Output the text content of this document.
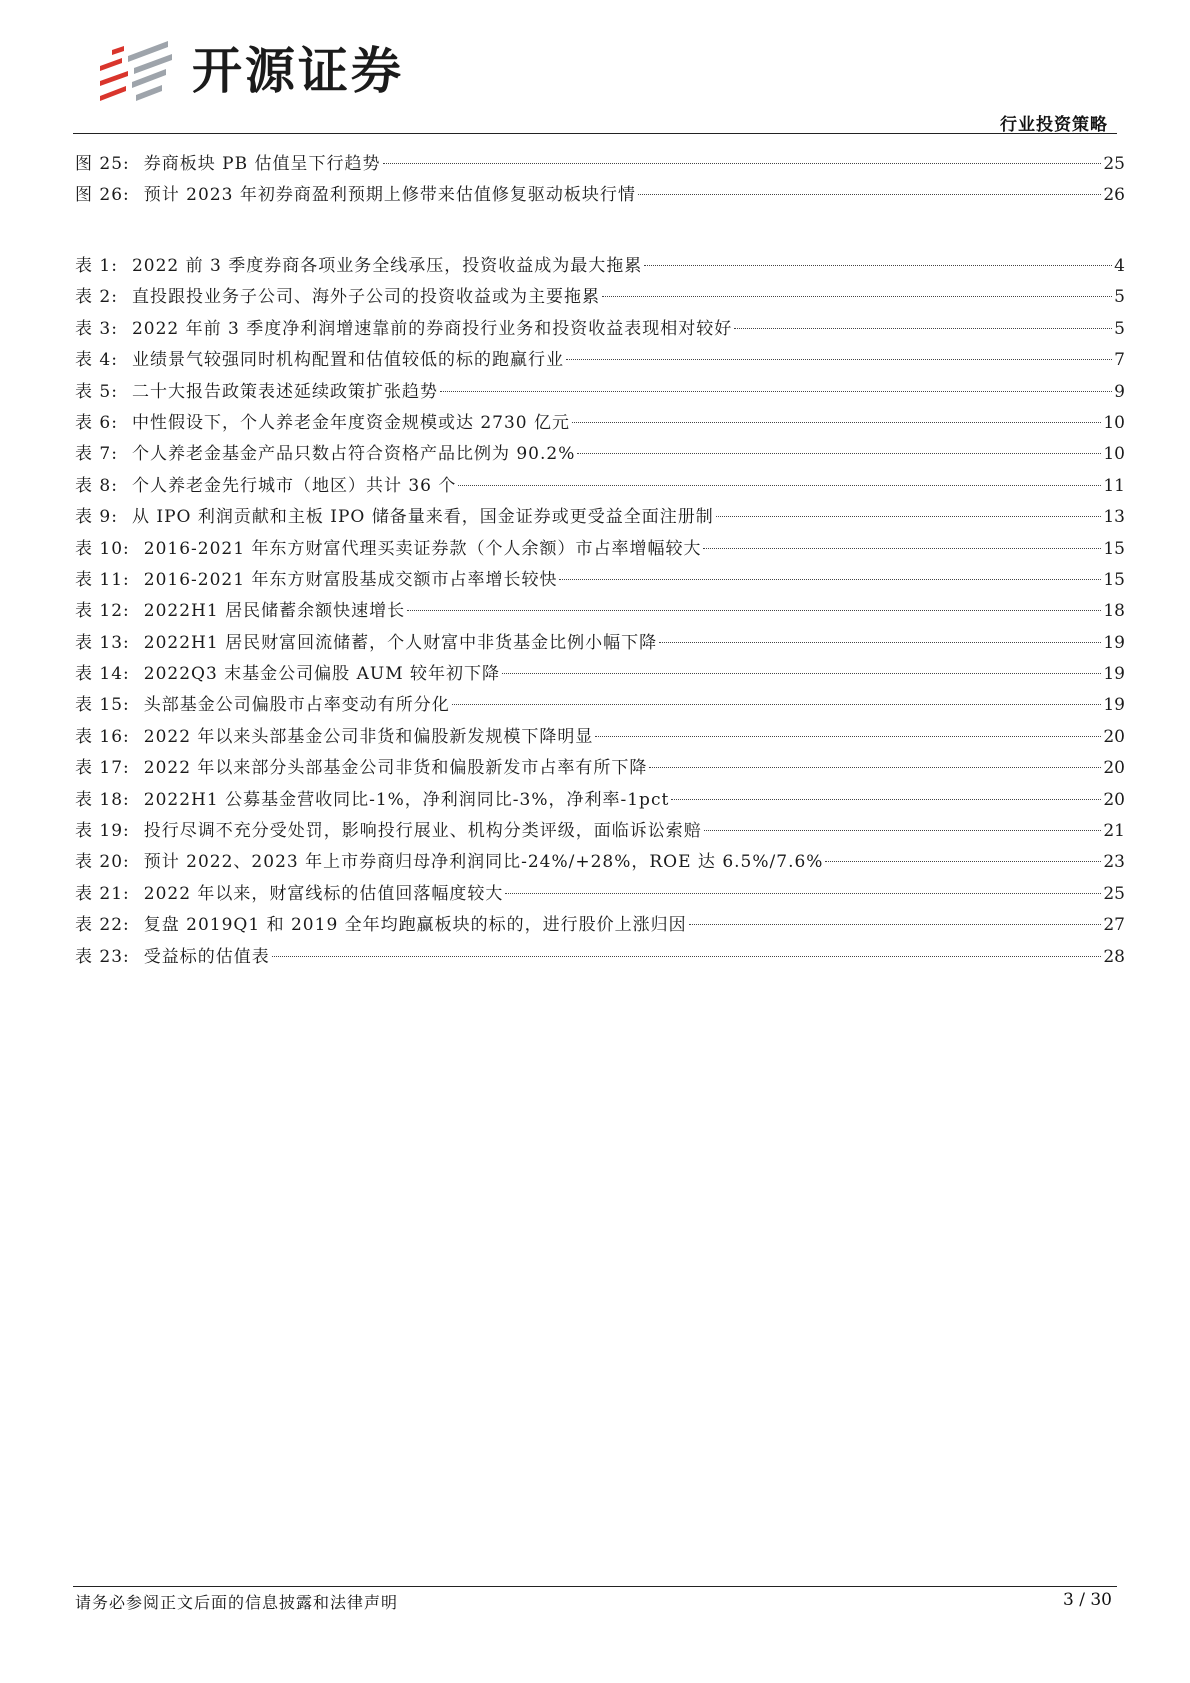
开源证券
行业投资策略
图 25: 券商板块 PB 估值呈下行趋势	25
图 26: 预计 2023 年初券商盈利预期上修带来估值修复驱动板块行情	26
表 1: 2022 前 3 季度券商各项业务全线承压，投资收益成为最大拖累	4
表 2: 直投跟投业务子公司、海外子公司的投资收益或为主要拖累	5
表 3: 2022 年前 3 季度净利润增速靠前的券商投行业务和投资收益表现相对较好	5
表 4: 业绩景气较强同时机构配置和估值较低的标的跑赢行业	7
表 5: 二十大报告政策表述延续政策扩张趋势	9
表 6: 中性假设下，个人养老金年度资金规模或达 2730 亿元	10
表 7: 个人养老金基金产品只数占符合资格产品比例为 90.2%	10
表 8: 个人养老金先行城市（地区）共计 36 个	11
表 9: 从 IPO 利润贡献和主板 IPO 储备量来看，国金证券或更受益全面注册制	13
表 10: 2016-2021 年东方财富代理买卖证券款（个人余额）市占率增幅较大	15
表 11: 2016-2021 年东方财富股基成交额市占率增长较快	15
表 12: 2022H1 居民储蓄余额快速增长	18
表 13: 2022H1 居民财富回流储蓄，个人财富中非货基金比例小幅下降	19
表 14: 2022Q3 末基金公司偏股 AUM 较年初下降	19
表 15: 头部基金公司偏股市占率变动有所分化	19
表 16: 2022 年以来头部基金公司非货和偏股新发规模下降明显	20
表 17: 2022 年以来部分头部基金公司非货和偏股新发市占率有所下降	20
表 18: 2022H1 公募基金营收同比-1%，净利润同比-3%，净利率-1pct	20
表 19: 投行尽调不充分受处罚，影响投行展业、机构分类评级，面临诉讼索赔	21
表 20: 预计 2022、2023 年上市券商归母净利润同比-24%/+28%，ROE 达 6.5%/7.6%	23
表 21: 2022 年以来，财富线标的估值回落幅度较大	25
表 22: 复盘 2019Q1 和 2019 全年均跑赢板块的标的，进行股价上涨归因	27
表 23: 受益标的估值表	28
请务必参阅正文后面的信息披露和法律声明	3 / 30
